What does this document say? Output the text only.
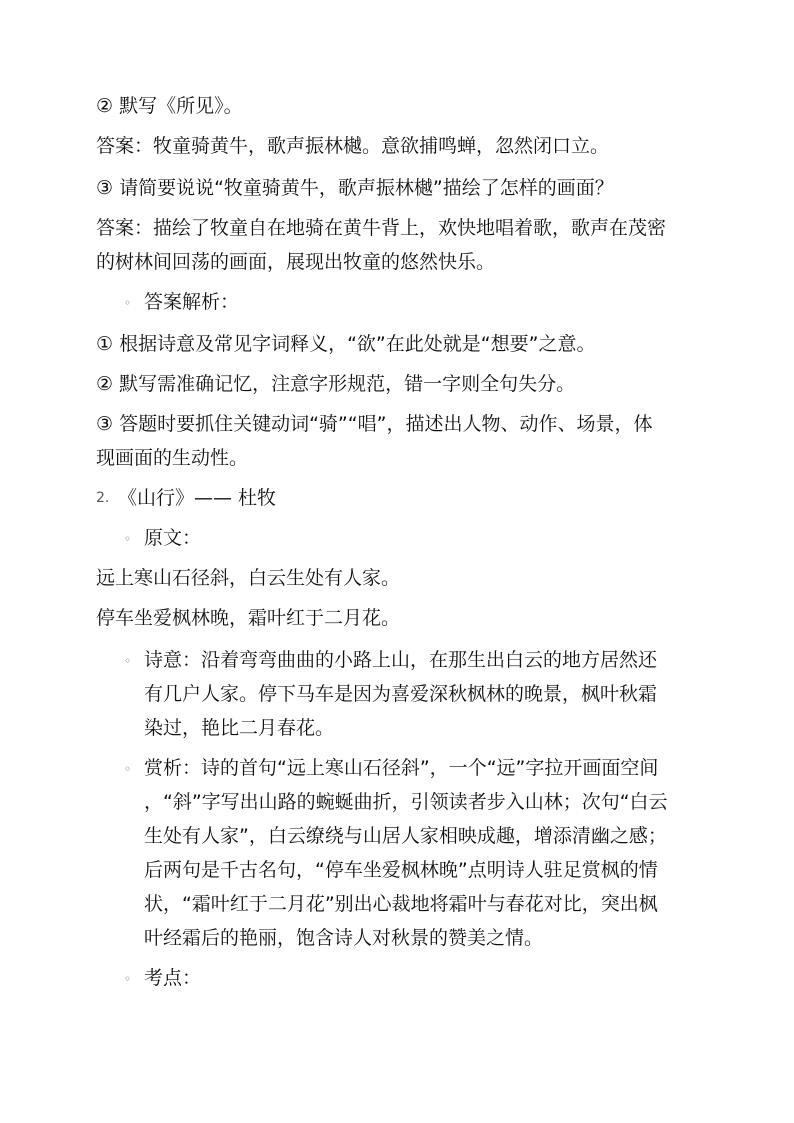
② 默写《所见》。
答案：牧童骑黄牛，歌声振林樾。意欲捕鸣蝉，忽然闭口立。
③ 请简要说说“牧童骑黄牛，歌声振林樾”描绘了怎样的画面？
答案：描绘了牧童自在地骑在黄牛背上，欢快地唱着歌，歌声在茂密
的树林间回荡的画面，展现出牧童的悠然快乐。
◦ 答案解析：
① 根据诗意及常见字词释义，“欲”在此处就是“想要”之意。
② 默写需准确记忆，注意字形规范，错一字则全句失分。
③ 答题时要抓住关键动词“骑”“唱”，描述出人物、动作、场景，体
现画面的生动性。
2. 《山行》—— 杜牧
◦ 原文：
远上寒山石径斜，白云生处有人家。
停车坐爱枫林晚，霜叶红于二月花。
◦ 诗意：沿着弯弯曲曲的小路上山，在那生出白云的地方居然还
有几户人家。停下马车是因为喜爱深秋枫林的晚景，枫叶秋霜
染过，艳比二月春花。
◦ 赏析：诗的首句“远上寒山石径斜”，一个“远”字拉开画面空间
，“斜”字写出山路的蜿蜒曲折，引领读者步入山林；次句“白云
生处有人家”，白云缭绕与山居人家相映成趣，增添清幽之感；
后两句是千古名句，“停车坐爱枫林晚”点明诗人驻足赏枫的情
状，“霜叶红于二月花”别出心裁地将霜叶与春花对比，突出枫
叶经霜后的艳丽，饱含诗人对秋景的赞美之情。
◦ 考点：
